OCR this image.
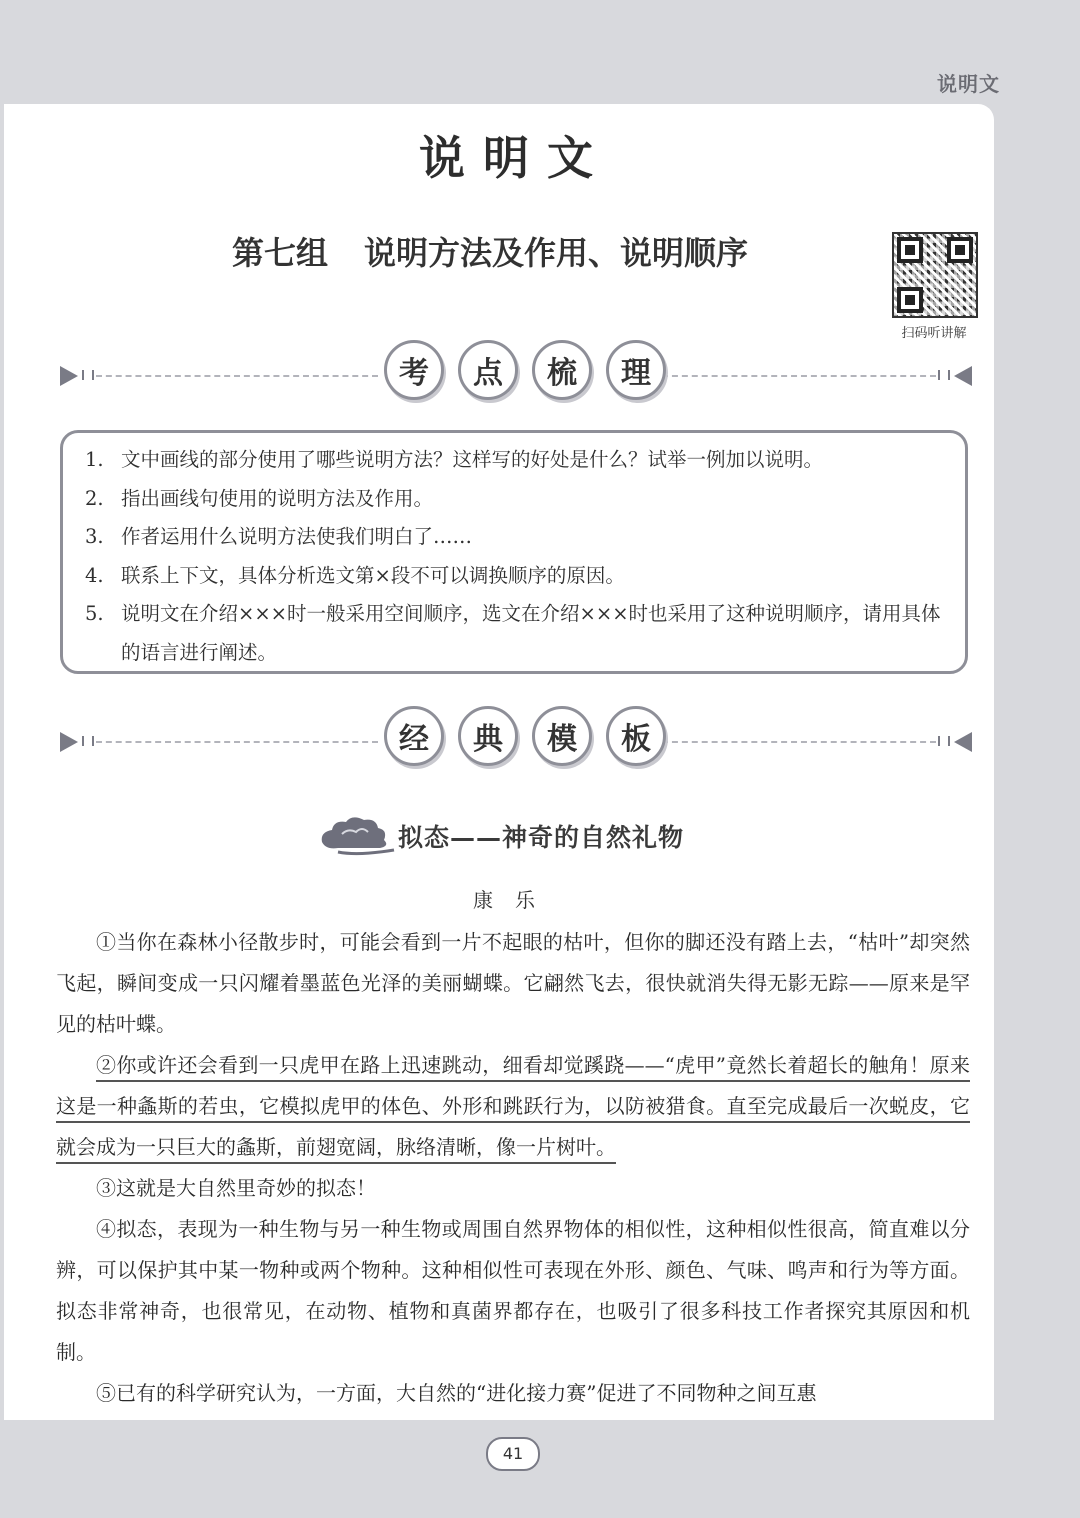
说明文
说明文
第七组 说明方法及作用、说明顺序
扫码听讲解
考	点	梳	理
1. 文中画线的部分使用了哪些说明方法？这样写的好处是什么？试举一例加以说明。
2. 指出画线句使用的说明方法及作用。
3. 作者运用什么说明方法使我们明白了……
4. 联系上下文，具体分析选文第×段不可以调换顺序的原因。
5. 说明文在介绍×××时一般采用空间顺序，选文在介绍×××时也采用了这种说明顺序，请用具体的语言进行阐述。
经	典	模	板
拟态——神奇的自然礼物
康乐

①当你在森林小径散步时，可能会看到一片不起眼的枯叶，但你的脚还没有踏上去，“枯叶”却突然飞起，瞬间变成一只闪耀着墨蓝色光泽的美丽蝴蝶。它翩然飞去，很快就消失得无影无踪——原来是罕见的枯叶蝶。

②你或许还会看到一只虎甲在路上迅速跳动，细看却觉蹊跷——“虎甲”竟然长着超长的触角！原来这是一种螽斯的若虫，它模拟虎甲的体色、外形和跳跃行为，以防被猎食。直至完成最后一次蜕皮，它就会成为一只巨大的螽斯，前翅宽阔，脉络清晰，像一片树叶。

③这就是大自然里奇妙的拟态！

④拟态，表现为一种生物与另一种生物或周围自然界物体的相似性，这种相似性很高，简直难以分辨，可以保护其中某一物种或两个物种。这种相似性可表现在外形、颜色、气味、鸣声和行为等方面。拟态非常神奇，也很常见，在动物、植物和真菌界都存在，也吸引了很多科技工作者探究其原因和机制。

⑤已有的科学研究认为，一方面，大自然的“进化接力赛”促进了不同物种之间互惠

41
